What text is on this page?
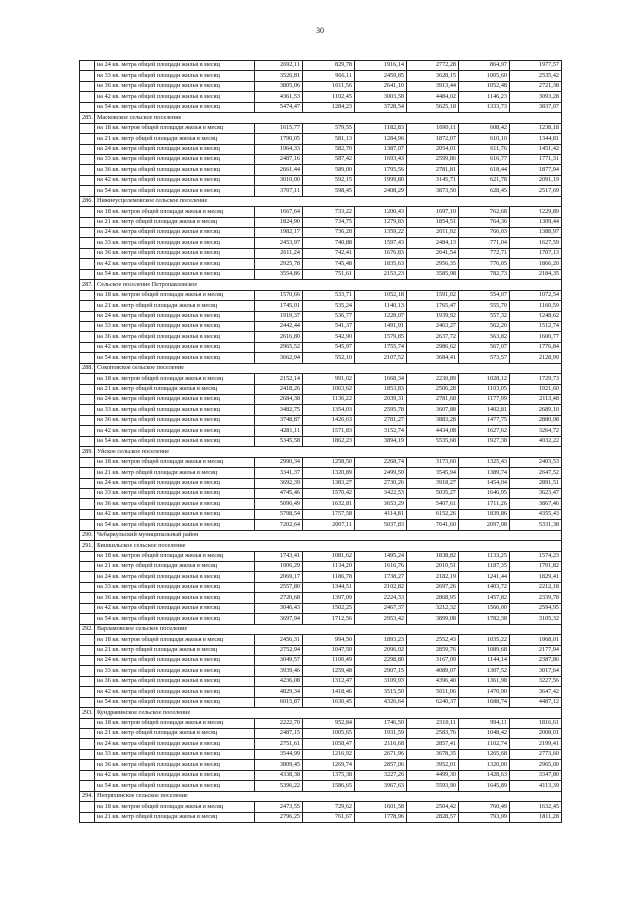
30
	на 24 кв. метра общей площади жилья в месяц	2692,11	829,78	1916,14	2772,28	864,97	1977,57
	на 33 кв. метра общей площади жилья в месяц	3526,81	966,11	2459,85	3628,15	1005,60	2535,42
	на 36 кв. метра общей площади жилья в месяц	3805,06	1011,56	2641,10	3913,44	1052,48	2721,38
	на 42 кв. метра общей площади жилья в месяц	4361,53	1102,45	3003,58	4484,02	1146,23	3093,28
	на 54 кв. метра общей площади жилья в месяц	5474,47	1284,23	3728,54	5625,18	1333,73	3837,07
285.	Масковское сельское поселение						
	на 18 кв. метров общей площади жилья в месяц	1615,77	579,55	1182,83	1690,11	608,42	1238,18
	на 21 кв. метр общей площади жилья в месяц	1790,05	581,13	1284,96	1872,07	610,10	1344,81
	на 24 кв. метра общей площади жилья в месяц	1964,33	582,70	1387,07	2054,01	611,76	1451,42
	на 33 кв. метра общей площади жилья в месяц	2487,16	587,42	1693,43	2599,86	616,77	1771,31
	на 36 кв. метра общей площади жилья в месяц	2661,44	589,00	1795,56	2781,81	618,44	1877,94
	на 42 кв. метра общей площади жилья в месяц	3010,00	592,15	1999,80	3145,71	621,78	2091,19
	на 54 кв. метра общей площади жилья в месяц	3707,11	598,45	2408,29	3873,50	628,45	2517,69
286.	Нижнеусцелемовское сельское поселение						
	на 18 кв. метров общей площади жилья в месяц	1667,64	733,22	1200,43	1697,10	762,68	1229,89
	на 21 кв. метр общей площади жилья в месяц	1824,90	734,75	1279,83	1854,51	764,36	1309,44
	на 24 кв. метра общей площади жилья в месяц	1982,17	736,28	1359,22	2011,92	766,03	1388,97
	на 33 кв. метра общей площади жилья в месяц	2453,97	740,88	1597,43	2484,13	771,04	1627,59
	на 36 кв. метра общей площади жилья в месяц	2611,24	742,41	1676,83	2641,54	772,71	1707,13
	на 42 кв. метра общей площади жилья в месяц	2925,78	745,48	1835,63	2956,35	776,05	1866,20
	на 54 кв. метра общей площади жилья в месяц	3554,86	751,61	2153,23	3585,98	782,73	2184,35
287.	Сельское поселение Петропавловское						
	на 18 кв. метров общей площади жилья в месяц	1570,66	533,71	1052,18	1591,02	554,07	1072,54
	на 21 кв. метр общей площади жилья в месяц	1745,01	535,24	1140,13	1765,47	555,70	1160,59
	на 24 кв. метра общей площади жилья в месяц	1919,37	536,77	1228,07	1939,92	557,32	1248,62
	на 33 кв. метра общей площади жилья в месяц	2442,44	541,37	1491,91	2463,27	562,20	1512,74
	на 36 кв. метра общей площади жилья в месяц	2616,80	542,90	1579,85	2637,72	563,82	1600,77
	на 42 кв. метра общей площади жилья в месяц	2965,52	545,97	1755,74	2986,62	567,07	1776,84
	на 54 кв. метра общей площади жилья в месяц	3662,94	552,10	2107,52	3684,41	573,57	2128,99
288.	Сокоповское сельское поселение						
	на 18 кв. метров общей площади жилья в месяц	2152,14	991,02	1668,34	2230,89	1028,12	1729,73
	на 21 кв. метр общей площади жилья в месяц	2418,26	1063,62	1853,83	2506,28	1103,05	1921,60
	на 24 кв. метра общей площади жилья в месяц	2684,38	1136,22	2039,31	2781,68	1177,99	2113,48
	на 33 кв. метра общей площади жилья в месяц	3482,75	1354,03	2595,78	3607,88	1402,81	2689,10
	на 36 кв. метра общей площади жилья в месяц	3748,87	1426,63	2781,27	3883,28	1477,75	2880,98
	на 42 кв. метра общей площади жилья в месяц	4281,11	1571,83	3152,74	4434,08	1627,62	3264,72
	на 54 кв. метра общей площади жилья в месяц	5345,58	1862,23	3894,19	5535,68	1927,38	4032,22
289.	Уйское сельское поселение						
	на 18 кв. метров общей площади жилья в месяц	2990,34	1258,50	2268,74	3173,60	1325,43	2403,53
	на 21 кв. метр общей площади жилья в месяц	3341,37	1320,89	2499,50	3545,94	1389,74	2647,52
	на 24 кв. метра общей площади жилья в месяц	3692,39	1383,27	2730,26	3918,27	1454,04	2891,51
	на 33 кв. метра общей площади жилья в месяц	4745,46	1570,42	3422,53	5035,27	1646,95	3623,47
	на 36 кв. метра общей площади жилья в месяц	5096,49	1632,81	3653,29	5407,61	1711,26	3867,46
	на 42 кв. метра общей площади жилья в месяц	5798,54	1757,58	4114,81	6152,26	1839,86	4355,43
	на 54 кв. метра общей площади жилья в месяц	7202,64	2007,11	5037,83	7641,60	2097,08	5331,38
290.	Чебаркульский муниципальный район						
291.	Бишкильское сельское поселение						
	на 18 кв. метров общей площади жилья в месяц	1743,41	1081,62	1495,24	1838,82	1133,25	1574,23
	на 21 кв. метр общей площади жилья в месяц	1906,29	1134,20	1616,76	2010,51	1187,35	1701,82
	на 24 кв. метра общей площади жилья в месяц	2069,17	1186,78	1738,27	2182,19	1241,44	1829,41
	на 33 кв. метра общей площади жилья в месяц	2557,80	1344,51	2102,82	2697,26	1403,72	2212,18
	на 36 кв. метра общей площади жилья в месяц	2720,68	1397,09	2224,33	2868,95	1457,82	2339,78
	на 42 кв. метра общей площади жилья в месяц	3046,43	1502,25	2467,37	3212,32	1566,00	2594,95
	на 54 кв. метра общей площади жилья в месяц	3697,94	1712,56	2953,42	3899,08	1782,38	3105,32
292.	Варламовское сельское поселение						
	на 18 кв. метров общей площади жилья в месяц	2456,31	994,50	1893,23	2552,43	1035,22	1968,01
	на 21 кв. метр общей площади жилья в месяц	2752,94	1047,50	2096,02	2859,76	1089,68	2177,94
	на 24 кв. метра общей площади жилья в месяц	3049,57	1100,49	2298,80	3167,09	1144,14	2387,86
	на 33 кв. метра общей площади жилья в месяц	3939,46	1259,48	2907,15	4089,07	1307,52	3017,64
	на 36 кв. метра общей площади жилья в месяц	4236,08	1312,47	3109,93	4396,40	1361,98	3227,56
	на 42 кв. метра общей площади жилья в месяц	4829,34	1418,46	3515,50	5011,06	1470,90	3647,42
	на 54 кв. метра общей площади жилья в месяц	6015,87	1630,45	4326,64	6240,37	1688,74	4487,12
293.	Кундравинское сельское поселение						
	на 18 кв. метров общей площади жилья в месяц	2222,70	952,84	1746,50	2310,11	994,11	1816,61
	на 21 кв. метр общей площади жилья в месяц	2487,15	1005,65	1931,59	2583,76	1048,42	2008,01
	на 24 кв. метра общей площади жилья в месяц	2751,61	1058,47	2116,68	2857,41	1102,74	2199,41
	на 33 кв. метра общей площади жилья в месяц	3544,99	1216,92	2671,96	3678,35	1265,68	2773,60
	на 36 кв. метра общей площади жилья в месяц	3809,45	1269,74	2857,06	3952,01	1320,00	2965,00
	на 42 кв. метра общей площади жилья в месяц	4338,38	1375,38	3227,26	4499,30	1428,63	3347,80
	на 54 кв. метра общей площади жилья в месяц	5396,22	1586,65	3967,63	5593,90	1645,89	4113,39
294.	Непряхинское сельское поселение						
	на 18 кв. метров общей площади жилья в месяц	2473,55	729,62	1601,58	2504,42	760,49	1632,45
	на 21 кв. метр общей площади жилья в месяц	2796,25	761,67	1778,96	2828,57	793,99	1811,28
